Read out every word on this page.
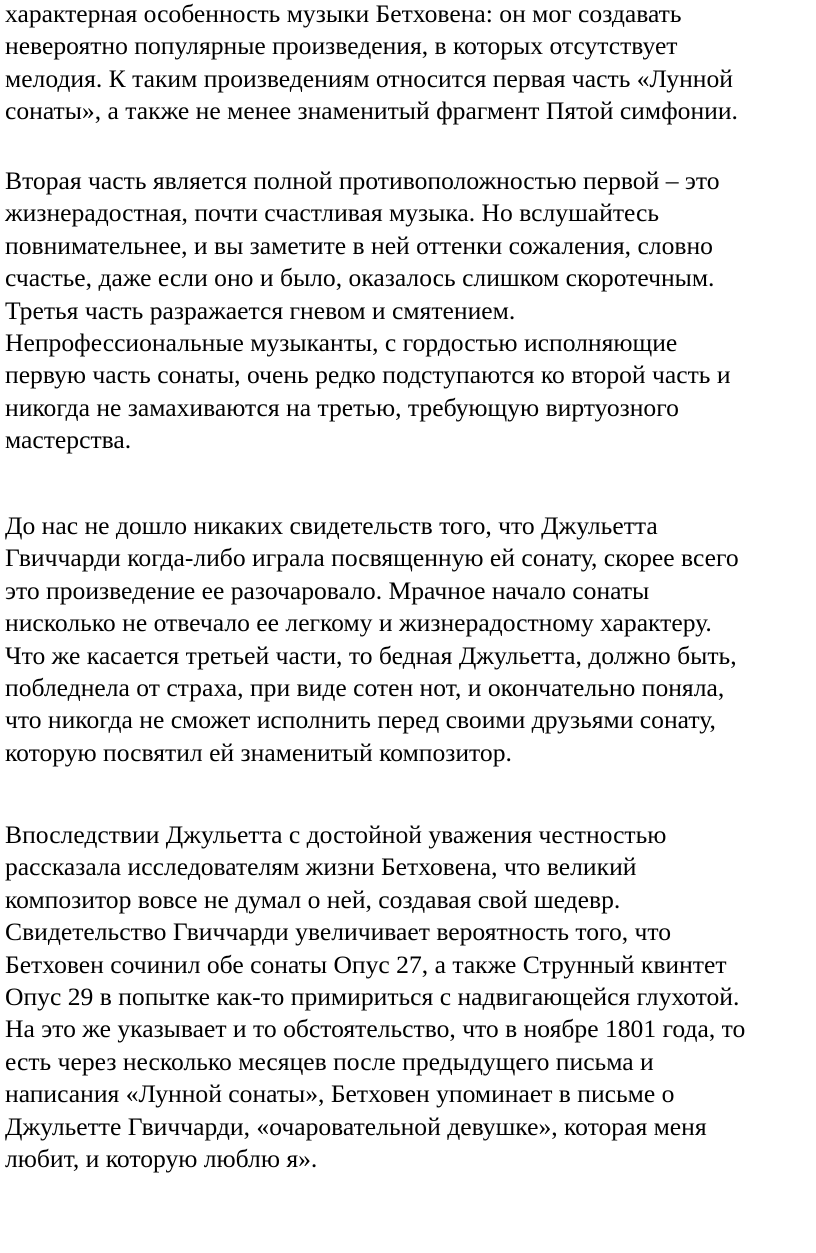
характерная особенность музыки Бетховена: он мог создавать
невероятно популярные произведения, в которых отсутствует
мелодия. К таким произведениям относится первая часть «Лунной
сонаты», а также не менее знаменитый фрагмент Пятой симфонии.

Вторая часть является полной противоположностью первой – это
жизнерадостная, почти счастливая музыка. Но вслушайтесь
повнимательнее, и вы заметите в ней оттенки сожаления, словно
счастье, даже если оно и было, оказалось слишком скоротечным.
Третья часть разражается гневом и смятением.
Непрофессиональные музыканты, с гордостью исполняющие
первую часть сонаты, очень редко подступаются ко второй часть и
никогда не замахиваются на третью, требующую виртуозного
мастерства.

До нас не дошло никаких свидетельств того, что Джульетта
Гвиччарди когда-либо играла посвященную ей сонату, скорее всего
это произведение ее разочаровало. Мрачное начало сонаты
нисколько не отвечало ее легкому и жизнерадостному характеру.
Что же касается третьей части, то бедная Джульетта, должно быть,
побледнела от страха, при виде сотен нот, и окончательно поняла,
что никогда не сможет исполнить перед своими друзьями сонату,
которую посвятил ей знаменитый композитор.

Впоследствии Джульетта с достойной уважения честностью
рассказала исследователям жизни Бетховена, что великий
композитор вовсе не думал о ней, создавая свой шедевр.
Свидетельство Гвиччарди увеличивает вероятность того, что
Бетховен сочинил обе сонаты Опус 27, а также Струнный квинтет
Опус 29 в попытке как-то примириться с надвигающейся глухотой.
На это же указывает и то обстоятельство, что в ноябре 1801 года, то
есть через несколько месяцев после предыдущего письма и
написания «Лунной сонаты», Бетховен упоминает в письме о
Джульетте Гвиччарди, «очаровательной девушке», которая меня
любит, и которую люблю я».
